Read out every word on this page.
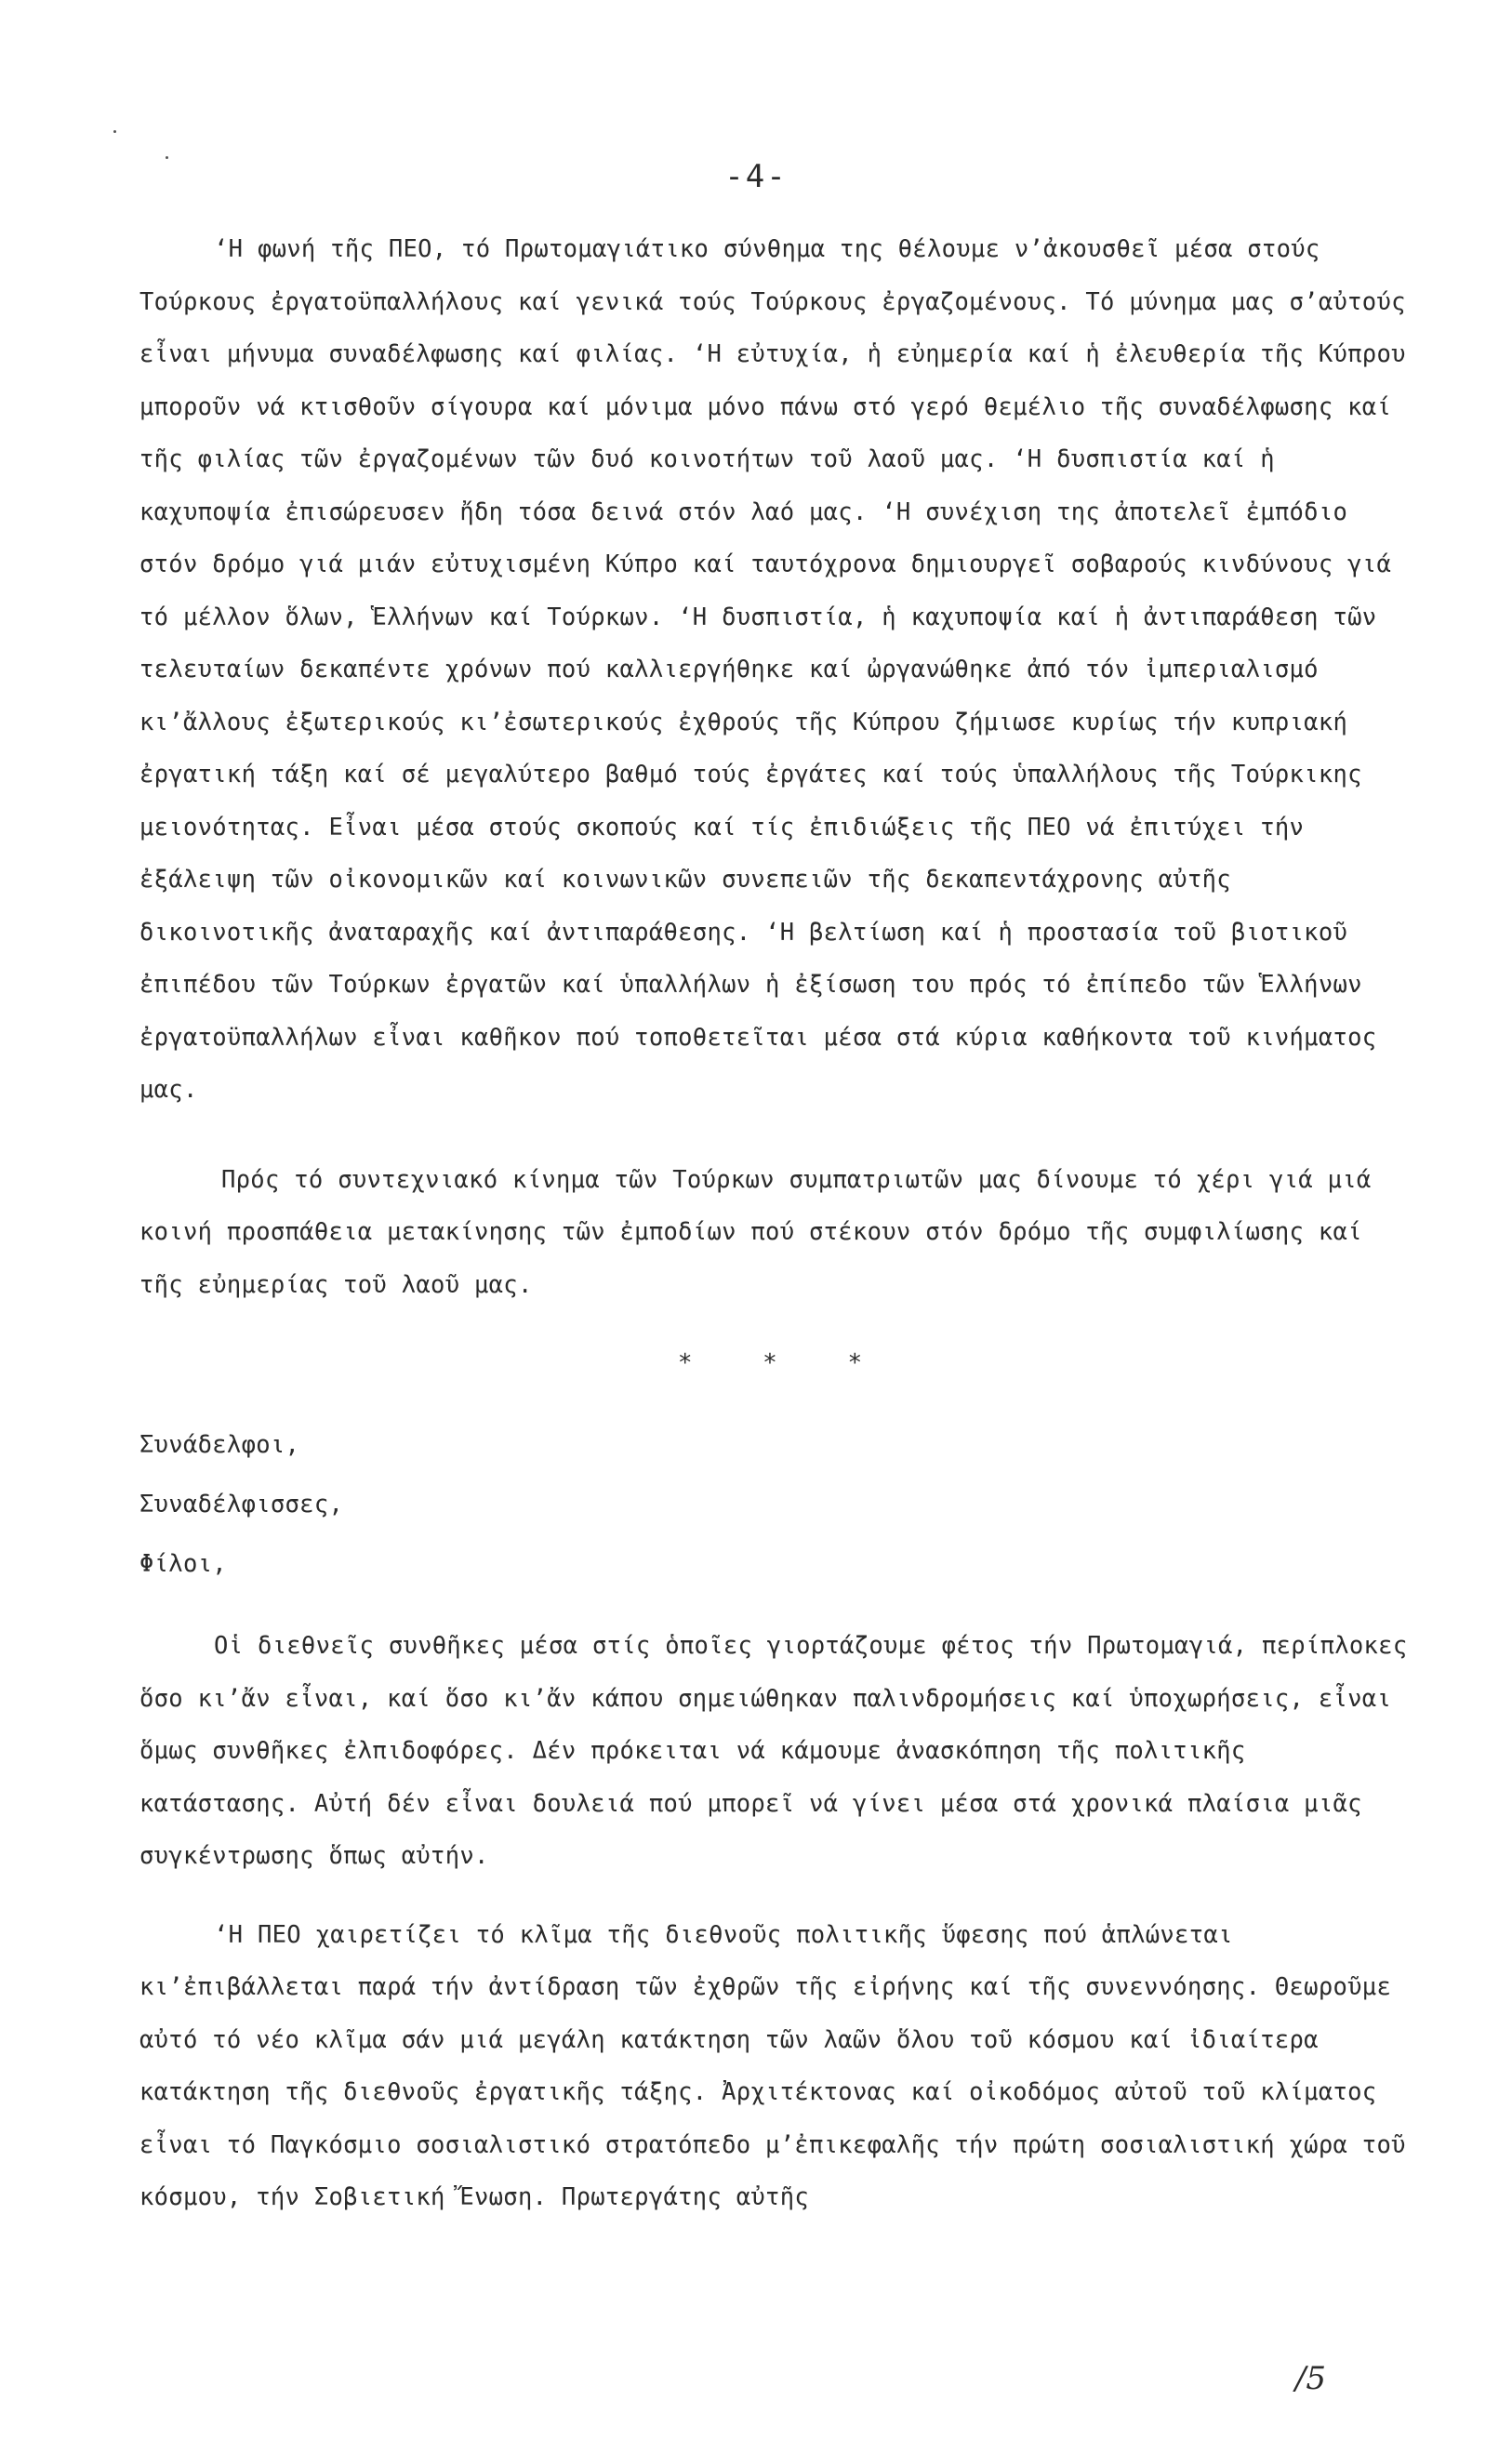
-4-

‘Η φωνή τῆς ΠΕΟ, τό Πρωτομαγιάτικο σύνθημα της θέλουμε ν’ἀκουσθεῖ μέσα στούς Τούρκους ἐργατοϋπαλλήλους καί γενικά τούς Τούρκους ἐργαζομένους. Τό μύνημα μας σ’αὐτούς εἶναι μήνυμα συναδέλφωσης καί φιλίας. ‘Η εὐτυχία, ἡ εὐημερία καί ἡ ἐλευθερία τῆς Κύπρου μποροῦν νά κτισθοῦν σίγουρα καί μόνιμα μόνο πάνω στό γερό θεμέλιο τῆς συναδέλφωσης καί τῆς φιλίας τῶν ἐργαζομένων τῶν δυό κοινοτήτων τοῦ λαοῦ μας. ‘Η δυσπιστία καί ἡ καχυποψία ἐπισώρευσεν ἤδη τόσα δεινά στόν λαό μας. ‘Η συνέχιση της ἀποτελεῖ ἐμπόδιο στόν δρόμο γιά μιάν εὐτυχισμένη Κύπρο καί ταυτόχρονα δημιουργεῖ σοβαρούς κινδύνους γιά τό μέλλον ὅλων, Ἑλλήνων καί Τούρκων. ‘Η δυσπιστία, ἡ καχυποψία καί ἡ ἀντιπαράθεση τῶν τελευταίων δεκαπέντε χρόνων πού καλλιεργήθηκε καί ὠργανώθηκε ἀπό τόν ἰμπεριαλισμό κι’ἄλλους ἐξωτερικούς κι’ἐσωτερικούς ἐχθρούς τῆς Κύπρου ζήμιωσε κυρίως τήν κυπριακή ἐργατική τάξη καί σέ μεγαλύτερο βαθμό τούς ἐργάτες καί τούς ὑπαλλήλους τῆς Τούρκικης μειονότητας. Εἶναι μέσα στούς σκοπούς καί τίς ἐπιδιώξεις τῆς ΠΕΟ νά ἐπιτύχει τήν ἐξάλειψη τῶν οἰκονομικῶν καί κοινωνικῶν συνεπειῶν τῆς δεκαπεντάχρονης αὐτῆς δικοινοτικῆς ἀναταραχῆς καί ἀντιπαράθεσης. ‘Η βελτίωση καί ἡ προστασία τοῦ βιοτικοῦ ἐπιπέδου τῶν Τούρκων ἐργατῶν καί ὑπαλλήλων ἡ ἐξίσωση του πρός τό ἐπίπεδο τῶν Ἑλλήνων ἐργατοϋπαλλήλων εἶναι καθῆκον πού τοποθετεῖται μέσα στά κύρια καθήκοντα τοῦ κινήματος μας.

Πρός τό συντεχνιακό κίνημα τῶν Τούρκων συμπατριωτῶν μας δίνουμε τό χέρι γιά μιά κοινή προσπάθεια μετακίνησης τῶν ἐμποδίων πού στέκουν στόν δρόμο τῆς συμφιλίωσης καί τῆς εὐημερίας τοῦ λαοῦ μας.

* * *

Συνάδελφοι,

Συναδέλφισσες,

Φίλοι,

Οἱ διεθνεῖς συνθῆκες μέσα στίς ὁποῖες γιορτάζουμε φέτος τήν Πρωτομαγιά, περίπλοκες ὅσο κι’ἄν εἶναι, καί ὅσο κι’ἄν κάπου σημειώθηκαν παλινδρομήσεις καί ὑποχωρήσεις, εἶναι ὅμως συνθῆκες ἐλπιδοφόρες. Δέν πρόκειται νά κάμουμε ἀνασκόπηση τῆς πολιτικῆς κατάστασης. Αὐτή δέν εἶναι δουλειά πού μπορεῖ νά γίνει μέσα στά χρονικά πλαίσια μιᾶς συγκέντρωσης ὅπως αὐτήν.

‘Η ΠΕΟ χαιρετίζει τό κλῖμα τῆς διεθνοῦς πολιτικῆς ὕφεσης πού ἁπλώνεται κι’ἐπιβάλλεται παρά τήν ἀντίδραση τῶν ἐχθρῶν τῆς εἰρήνης καί τῆς συνεννόησης. Θεωροῦμε αὐτό τό νέο κλῖμα σάν μιά μεγάλη κατάκτηση τῶν λαῶν ὅλου τοῦ κόσμου καί ἰδιαίτερα κατάκτηση τῆς διεθνοῦς ἐργατικῆς τάξης. Ἀρχιτέκτονας καί οἰκοδόμος αὐτοῦ τοῦ κλίματος εἶναι τό Παγκόσμιο σοσιαλιστικό στρατόπεδο μ’ἐπικεφαλῆς τήν πρώτη σοσιαλιστική χώρα τοῦ κόσμου, τήν Σοβιετική Ἔνωση. Πρωτεργάτης αὐτῆς

/5
